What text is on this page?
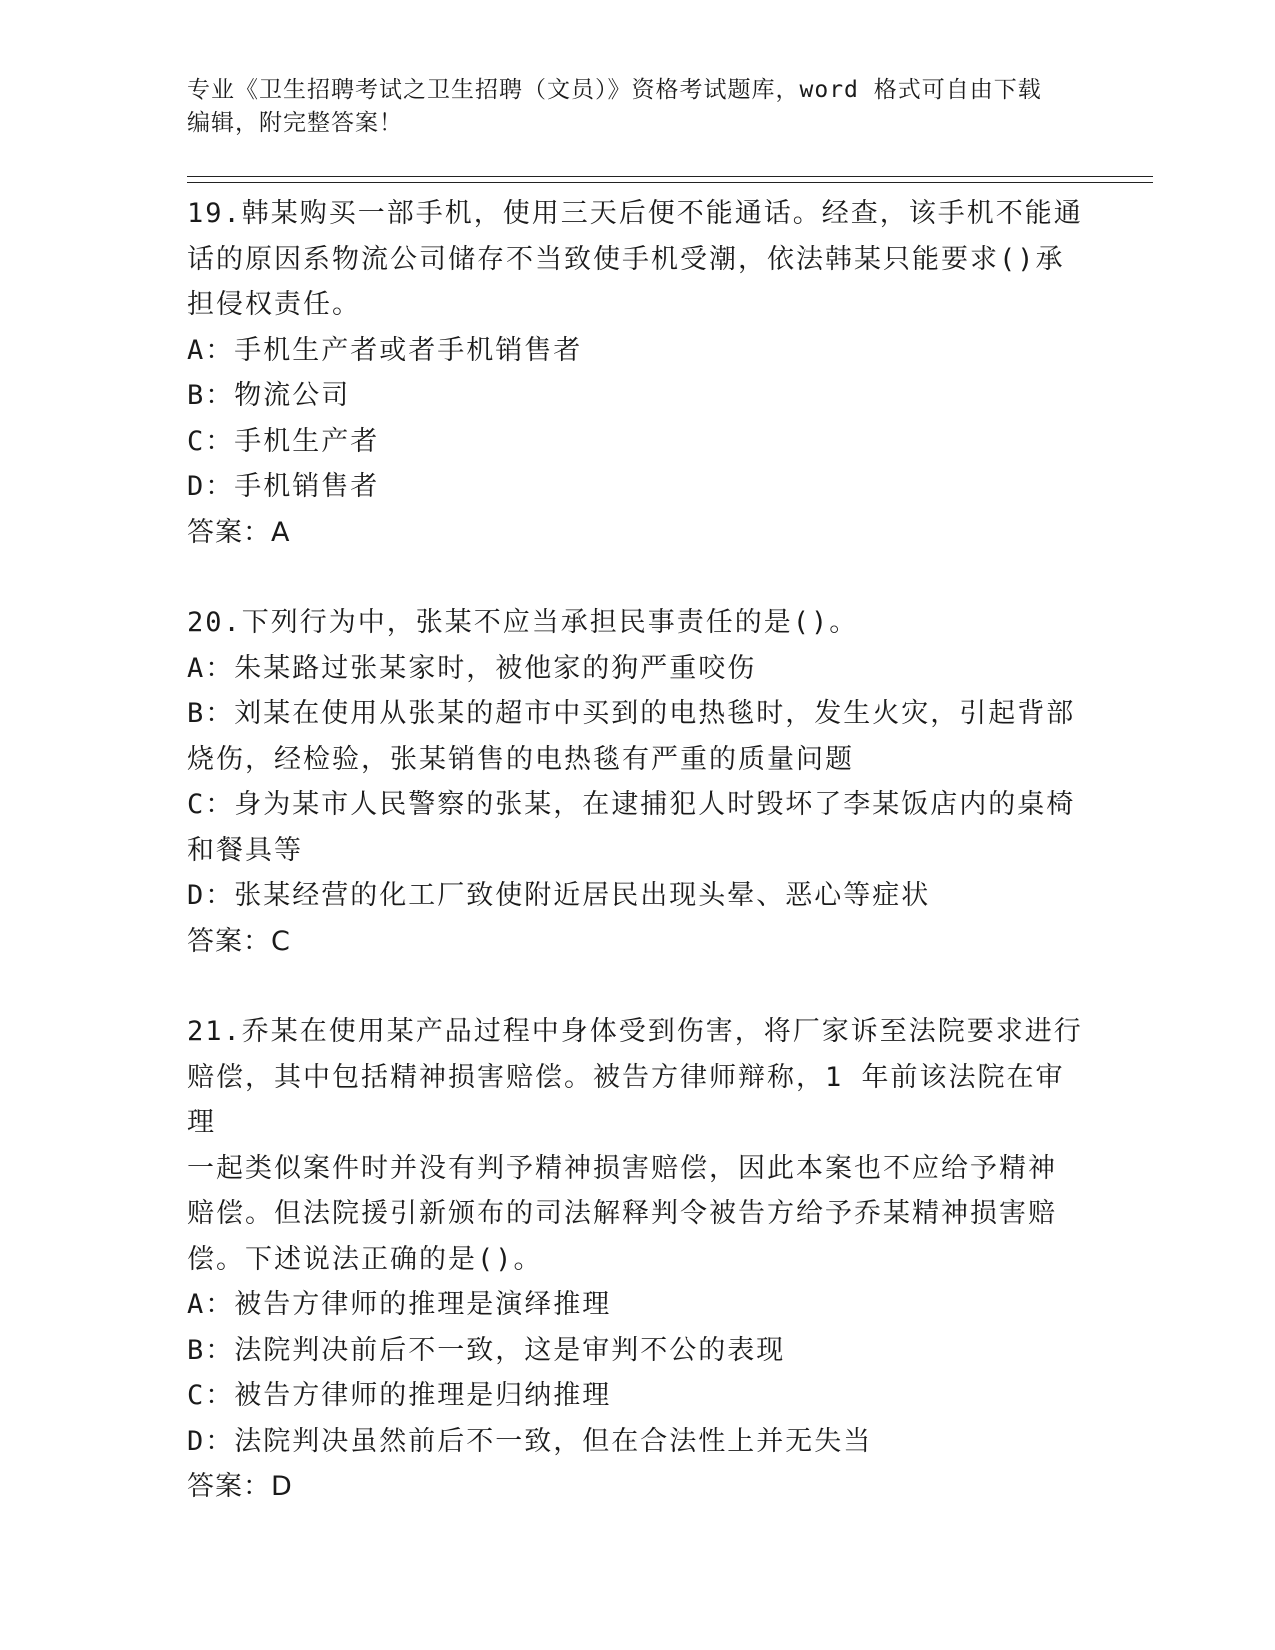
专业《卫生招聘考试之卫生招聘（文员）》资格考试题库，word 格式可自由下载
编辑，附完整答案！

19.韩某购买一部手机，使用三天后便不能通话。经查，该手机不能通

话的原因系物流公司储存不当致使手机受潮，依法韩某只能要求()承

担侵权责任。

A：手机生产者或者手机销售者

B：物流公司

C：手机生产者

D：手机销售者

答案：A

20.下列行为中，张某不应当承担民事责任的是()。

A：朱某路过张某家时，被他家的狗严重咬伤

B：刘某在使用从张某的超市中买到的电热毯时，发生火灾，引起背部

烧伤，经检验，张某销售的电热毯有严重的质量问题

C：身为某市人民警察的张某，在逮捕犯人时毁坏了李某饭店内的桌椅

和餐具等

D：张某经营的化工厂致使附近居民出现头晕、恶心等症状

答案：C

21.乔某在使用某产品过程中身体受到伤害，将厂家诉至法院要求进行

赔偿，其中包括精神损害赔偿。被告方律师辩称，1 年前该法院在审理

一起类似案件时并没有判予精神损害赔偿，因此本案也不应给予精神

赔偿。但法院援引新颁布的司法解释判令被告方给予乔某精神损害赔

偿。下述说法正确的是()。

A：被告方律师的推理是演绎推理

B：法院判决前后不一致，这是审判不公的表现

C：被告方律师的推理是归纳推理

D：法院判决虽然前后不一致，但在合法性上并无失当

答案：D
